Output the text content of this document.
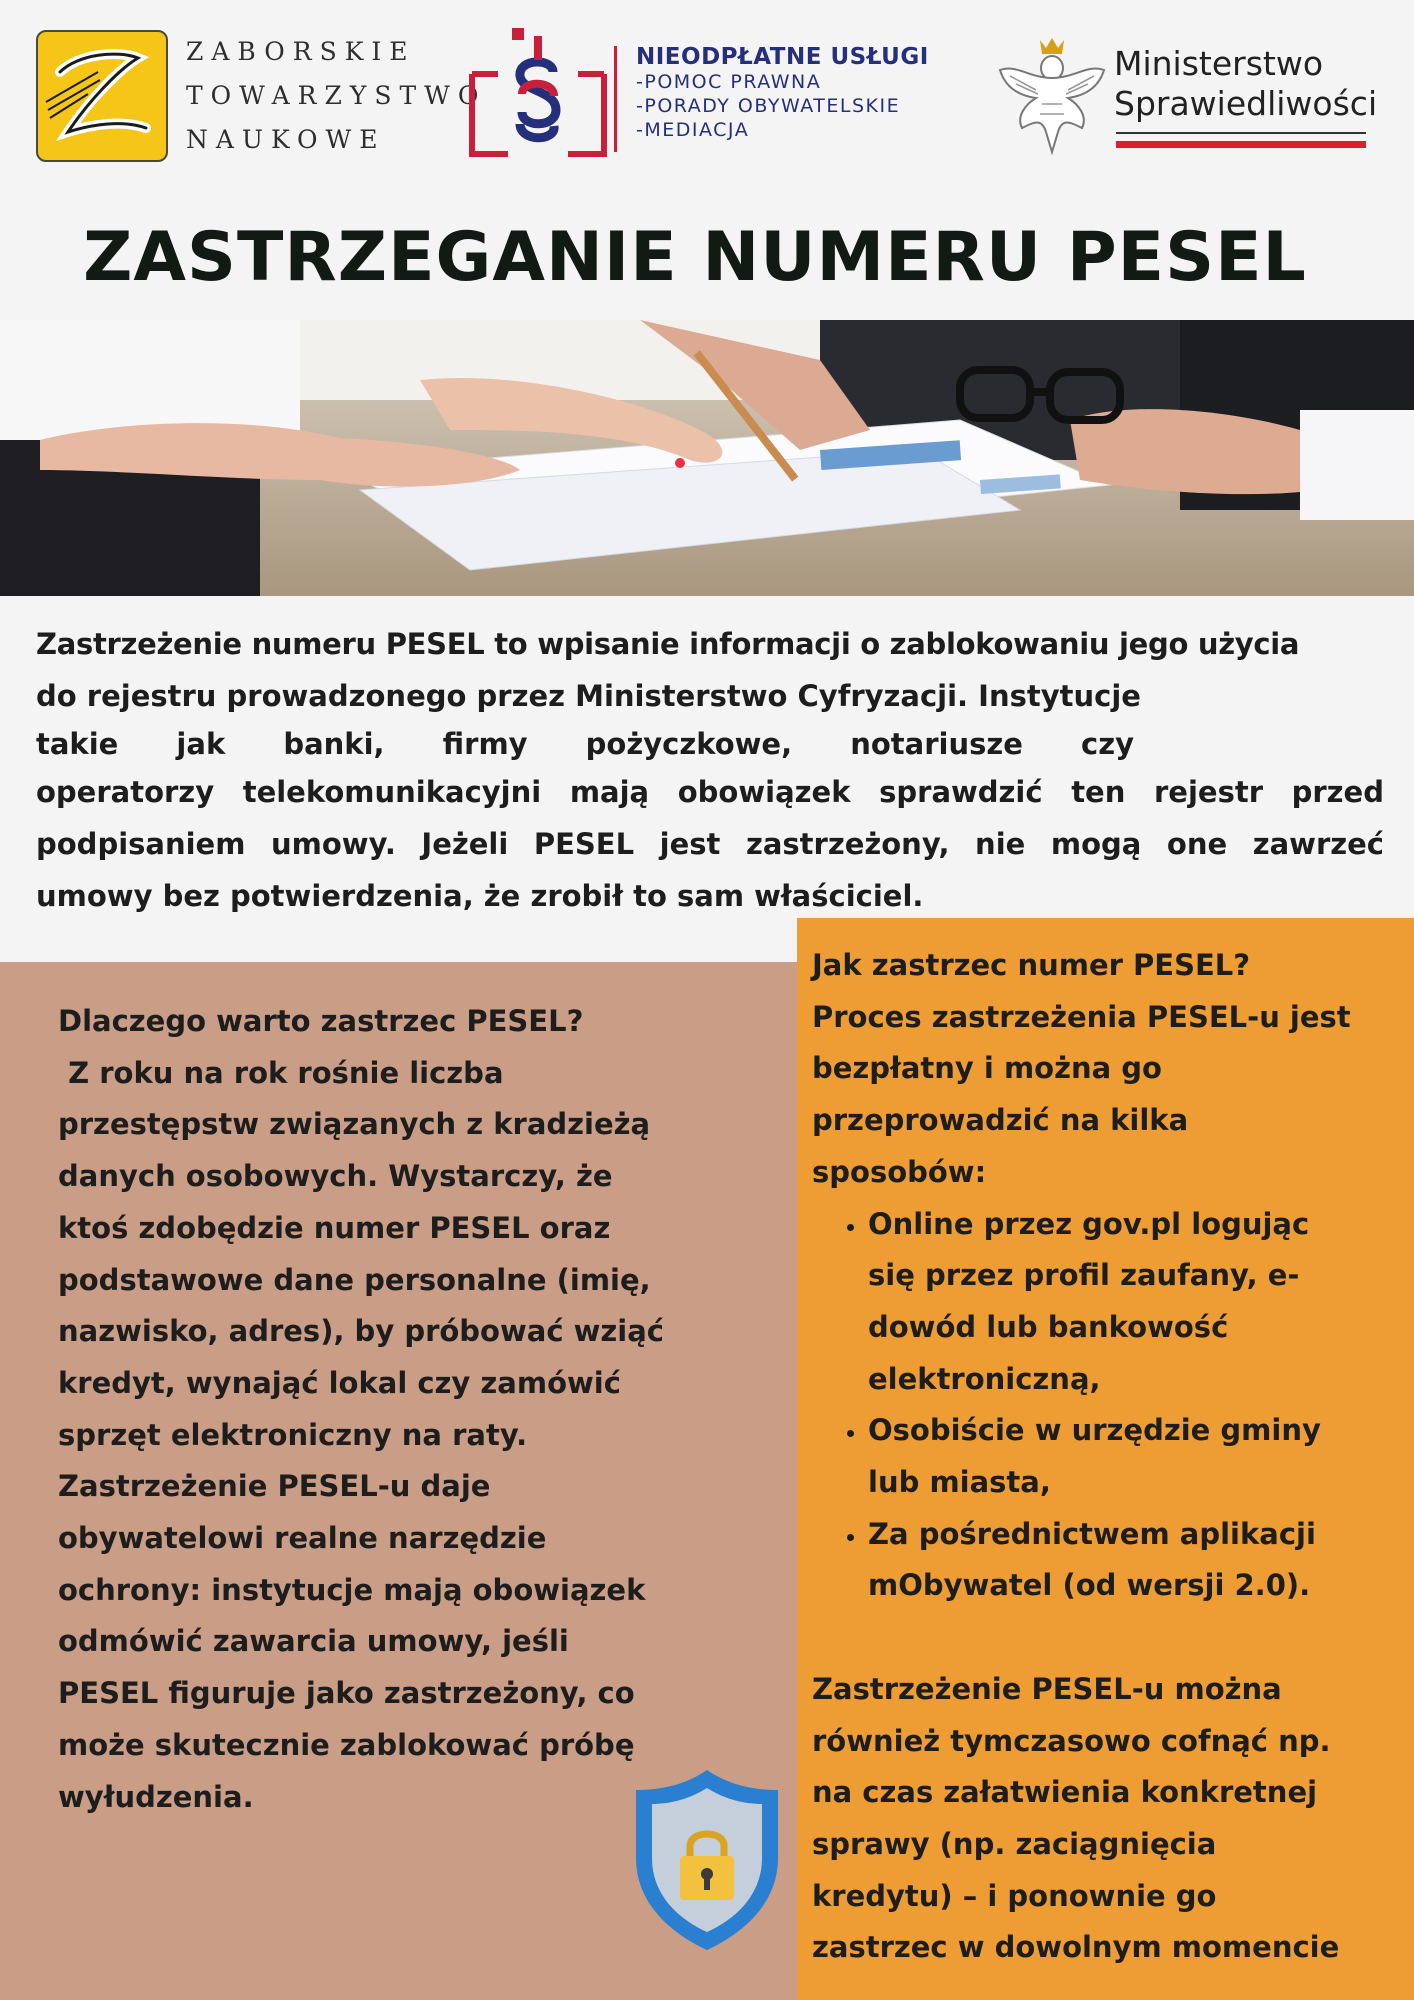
ZABORSKIE
TOWARZYSTWO
NAUKOWE
NIEODPŁATNE USŁUGI
-POMOC PRAWNA
-PORADY OBYWATELSKIE
-MEDIACJA
Ministerstwo
Sprawiedliwości
ZASTRZEGANIE NUMERU PESEL
Zastrzeżenie numeru PESEL to wpisanie informacji o zablokowaniu jego użycia
do rejestru prowadzonego przez Ministerstwo Cyfryzacji. Instytucje
takie jak banki, firmy pożyczkowe, notariusze czy
operatorzy telekomunikacyjni mają obowiązek sprawdzić ten rejestr przed
podpisaniem umowy. Jeżeli PESEL jest zastrzeżony, nie mogą one zawrzeć
umowy bez potwierdzenia, że zrobił to sam właściciel.
Dlaczego warto zastrzec PESEL?
Z roku na rok rośnie liczba
przestępstw związanych z kradzieżą
danych osobowych. Wystarczy, że
ktoś zdobędzie numer PESEL oraz
podstawowe dane personalne (imię,
nazwisko, adres), by próbować wziąć
kredyt, wynająć lokal czy zamówić
sprzęt elektroniczny na raty.
Zastrzeżenie PESEL-u daje
obywatelowi realne narzędzie
ochrony: instytucje mają obowiązek
odmówić zawarcia umowy, jeśli
PESEL figuruje jako zastrzeżony, co
może skutecznie zablokować próbę
wyłudzenia.
Jak zastrzec numer PESEL?
Proces zastrzeżenia PESEL-u jest
bezpłatny i można go
przeprowadzić na kilka
sposobów:
• Online przez gov.pl logując
się przez profil zaufany, e-
dowód lub bankowość
elektroniczną,
• Osobiście w urzędzie gminy
lub miasta,
• Za pośrednictwem aplikacji
mObywatel (od wersji 2.0).
Zastrzeżenie PESEL-u można
również tymczasowo cofnąć np.
na czas załatwienia konkretnej
sprawy (np. zaciągnięcia
kredytu) – i ponownie go
zastrzec w dowolnym momencie
